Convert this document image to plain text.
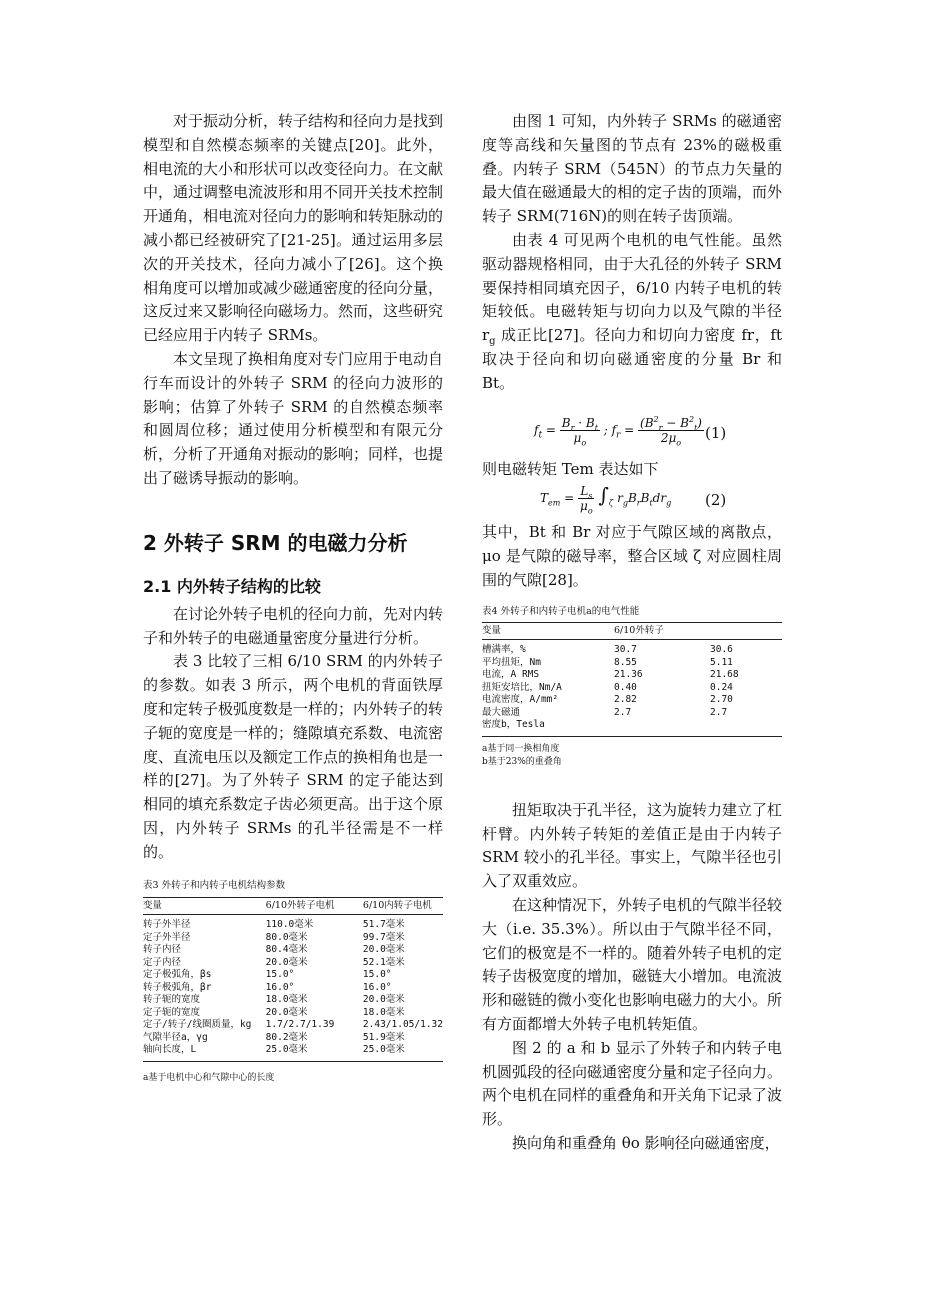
对于振动分析，转子结构和径向力是找到模型和自然模态频率的关键点[20]。此外，相电流的大小和形状可以改变径向力。在文献中，通过调整电流波形和用不同开关技术控制开通角，相电流对径向力的影响和转矩脉动的减小都已经被研究了[21-25]。通过运用多层次的开关技术，径向力减小了[26]。这个换相角度可以增加或减少磁通密度的径向分量，这反过来又影响径向磁场力。然而，这些研究已经应用于内转子 SRMs。

本文呈现了换相角度对专门应用于电动自行车而设计的外转子 SRM 的径向力波形的影响；估算了外转子 SRM 的自然模态频率和圆周位移；通过使用分析模型和有限元分析，分析了开通角对振动的影响；同样，也提出了磁诱导振动的影响。

2 外转子 SRM 的电磁力分析
2.1 内外转子结构的比较

在讨论外转子电机的径向力前，先对内转子和外转子的电磁通量密度分量进行分析。

表 3 比较了三相 6/10 SRM 的内外转子的参数。如表 3 所示，两个电机的背面铁厚度和定转子极弧度数是一样的；内外转子的转子轭的宽度是一样的；缝隙填充系数、电流密度、直流电压以及额定工作点的换相角也是一样的[27]。为了外转子 SRM 的定子能达到相同的填充系数定子齿必须更高。出于这个原因，内外转子 SRMs 的孔半径需是不一样的。

表3 外转子和内转子电机结构参数

变量	6/10外转子电机	6/10内转子电机
转子外半径	110.0毫米	51.7毫米
定子外半径	80.0毫米	99.7毫米
转子内径	80.4毫米	20.0毫米
定子内径	20.0毫米	52.1毫米
定子极弧角，βs	15.0°	15.0°
转子极弧角，βr	16.0°	16.0°
转子轭的宽度	18.0毫米	20.0毫米
定子轭的宽度	20.0毫米	18.0毫米
定子/转子/线圈质量，kg	1.7/2.7/1.39	2.43/1.05/1.32
气隙半径a，γg	80.2毫米	51.9毫米
轴向长度，L	25.0毫米	25.0毫米

a基于电机中心和气隙中心的长度

由图 1 可知，内外转子 SRMs 的磁通密度等高线和矢量图的节点有 23%的磁极重叠。内转子 SRM（545N）的节点力矢量的最大值在磁通最大的相的定子齿的顶端，而外转子 SRM(716N)的则在转子齿顶端。

由表 4 可见两个电机的电气性能。虽然驱动器规格相同，由于大孔径的外转子 SRM 要保持相同填充因子，6/10 内转子电机的转矩较低。电磁转矩与切向力以及气隙的半径 $r_g$ 成正比[27]。径向力和切向力密度 fr，ft 取决于径向和切向磁通密度的分量 Br 和 Bt。

$f_t = \frac{B_r \cdot B_t}{\mu_o}$ ; $f_r = \frac{(B^2_r - B^2_t)}{2\mu_o} (1)$

则电磁转矩 Tem 表达如下

$T_{em} = \frac{L_s}{\mu_o} \int_\zeta$ $r_gB_rB_tdr_g$ (2)

其中，Bt 和 Br 对应于气隙区域的离散点，μo 是气隙的磁导率，整合区域 ζ 对应圆柱周围的气隙[28]。

表4 外转子和内转子电机a的电气性能

变量	6/10外转子	
槽满率，%	30.7	30.6
平均扭矩，Nm	8.55	5.11
电流，A RMS	21.36	21.68
扭矩安培比，Nm/A	0.40	0.24
电流密度，A/mm²	2.82	2.70
最大磁通	2.7	2.7
密度b，Tesla		

a基于同一换相角度

b基于23%的重叠角

扭矩取决于孔半径，这为旋转力建立了杠杆臂。内外转子转矩的差值正是由于内转子 SRM 较小的孔半径。事实上，气隙半径也引入了双重效应。

在这种情况下，外转子电机的气隙半径较大（i.e. 35.3%）。所以由于气隙半径不同，它们的极宽是不一样的。随着外转子电机的定转子齿极宽度的增加，磁链大小增加。电流波形和磁链的微小变化也影响电磁力的大小。所有方面都增大外转子电机转矩值。

图 2 的 a 和 b 显示了外转子和内转子电机圆弧段的径向磁通密度分量和定子径向力。两个电机在同样的重叠角和开关角下记录了波形。

换向角和重叠角 θo 影响径向磁通密度，
